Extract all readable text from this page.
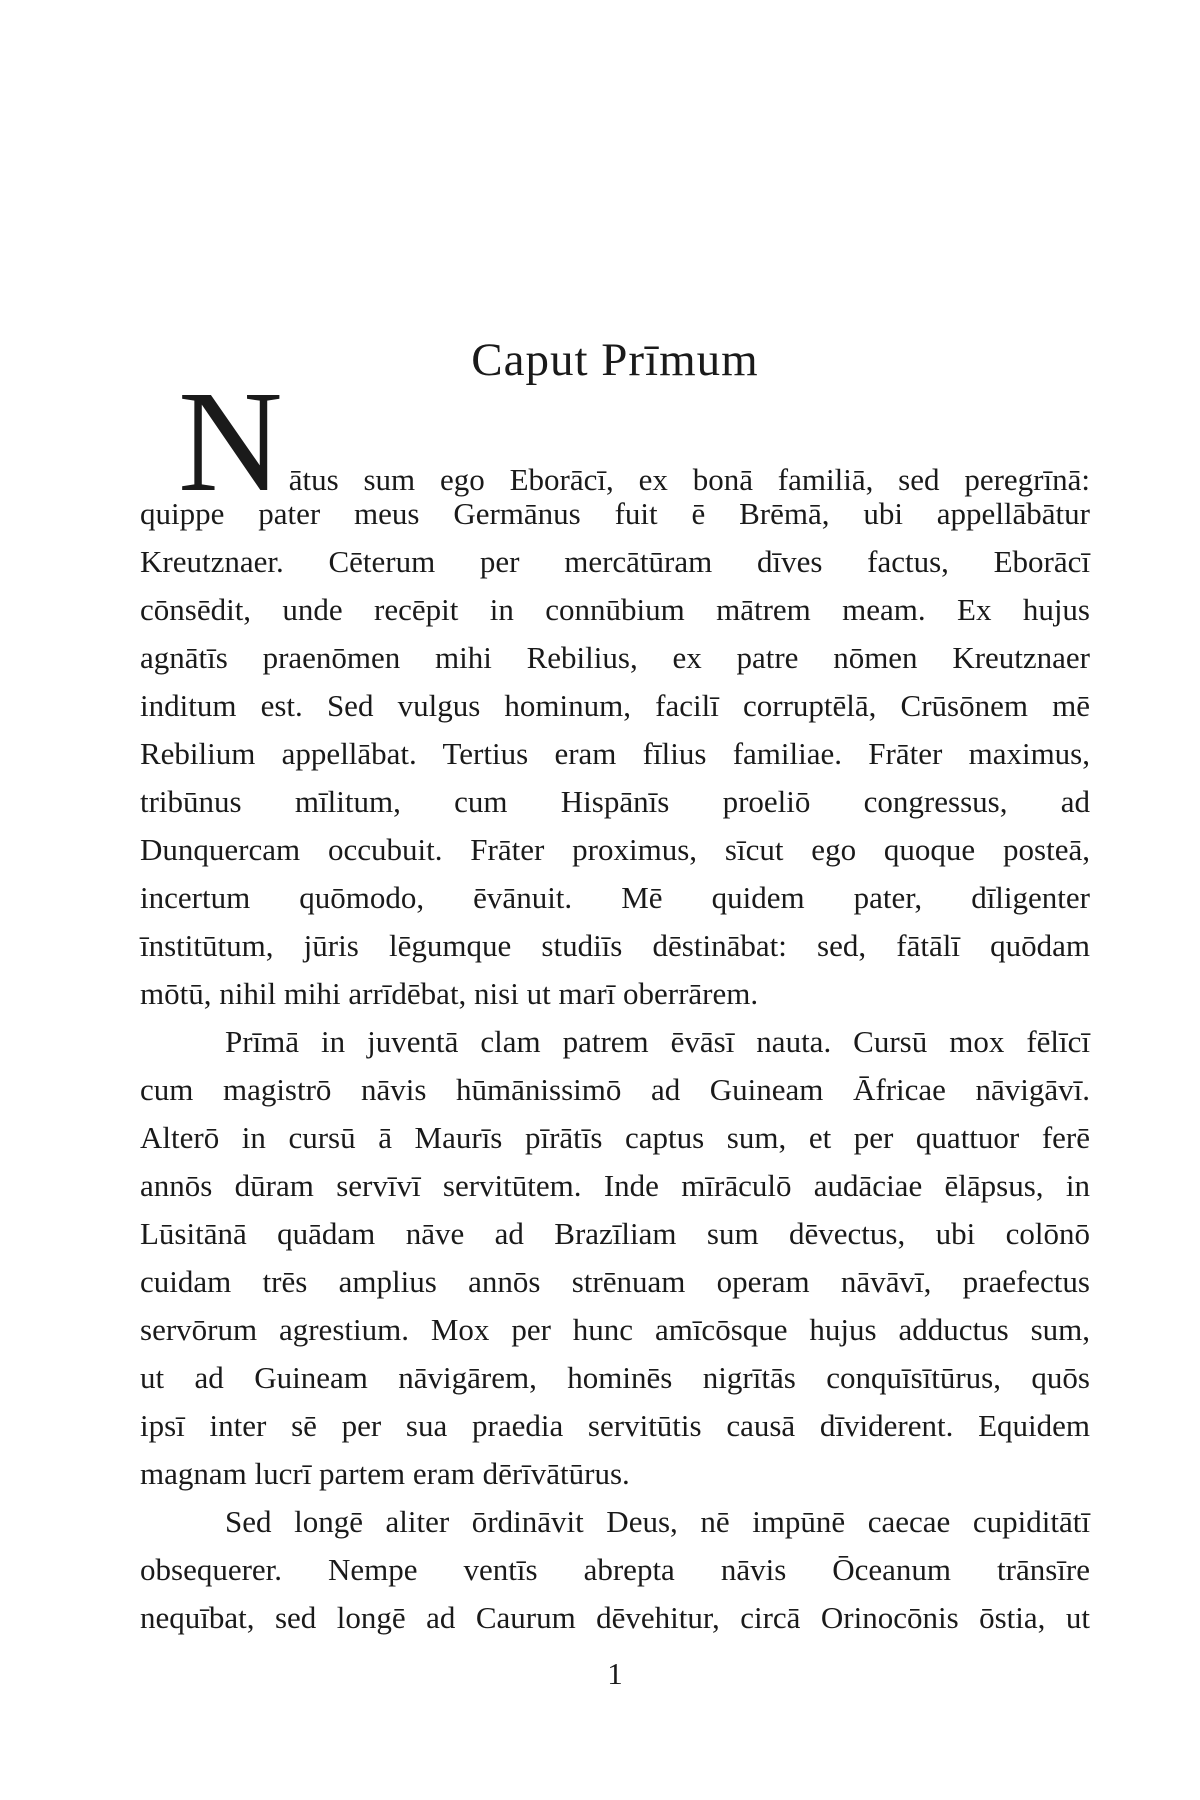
Caput Prīmum
Nātus sum ego Eborācī, ex bonā familiā, sed peregrīnā:
quippe pater meus Germānus fuit ē Brēmā, ubi appellābātur
Kreutznaer. Cēterum per mercātūram dīves factus, Eborācī
cōnsēdit, unde recēpit in connūbium mātrem meam. Ex hujus
agnātīs praenōmen mihi Rebilius, ex patre nōmen Kreutznaer
inditum est. Sed vulgus hominum, facilī corruptēlā, Crūsōnem mē
Rebilium appellābat. Tertius eram fīlius familiae. Frāter maximus,
tribūnus mīlitum, cum Hispānīs proeliō congressus, ad
Dunquercam occubuit. Frāter proximus, sīcut ego quoque posteā,
incertum quōmodo, ēvānuit. Mē quidem pater, dīligenter
īnstitūtum, jūris lēgumque studiīs dēstinābat: sed, fātālī quōdam
mōtū, nihil mihi arrīdēbat, nisi ut marī oberrārem.
Prīmā in juventā clam patrem ēvāsī nauta. Cursū mox fēlīcī
cum magistrō nāvis hūmānissimō ad Guineam Āfricae nāvigāvī.
Alterō in cursū ā Maurīs pīrātīs captus sum, et per quattuor ferē
annōs dūram servīvī servitūtem. Inde mīrāculō audāciae ēlāpsus, in
Lūsitānā quādam nāve ad Brazīliam sum dēvectus, ubi colōnō
cuidam trēs amplius annōs strēnuam operam nāvāvī, praefectus
servōrum agrestium. Mox per hunc amīcōsque hujus adductus sum,
ut ad Guineam nāvigārem, hominēs nigrītās conquīsītūrus, quōs
ipsī inter sē per sua praedia servitūtis causā dīviderent. Equidem
magnam lucrī partem eram dērīvātūrus.
Sed longē aliter ōrdināvit Deus, nē impūnē caecae cupiditātī
obsequerer. Nempe ventīs abrepta nāvis Ōceanum trānsīre
nequībat, sed longē ad Caurum dēvehitur, circā Orinocōnis ōstia, ut
1
